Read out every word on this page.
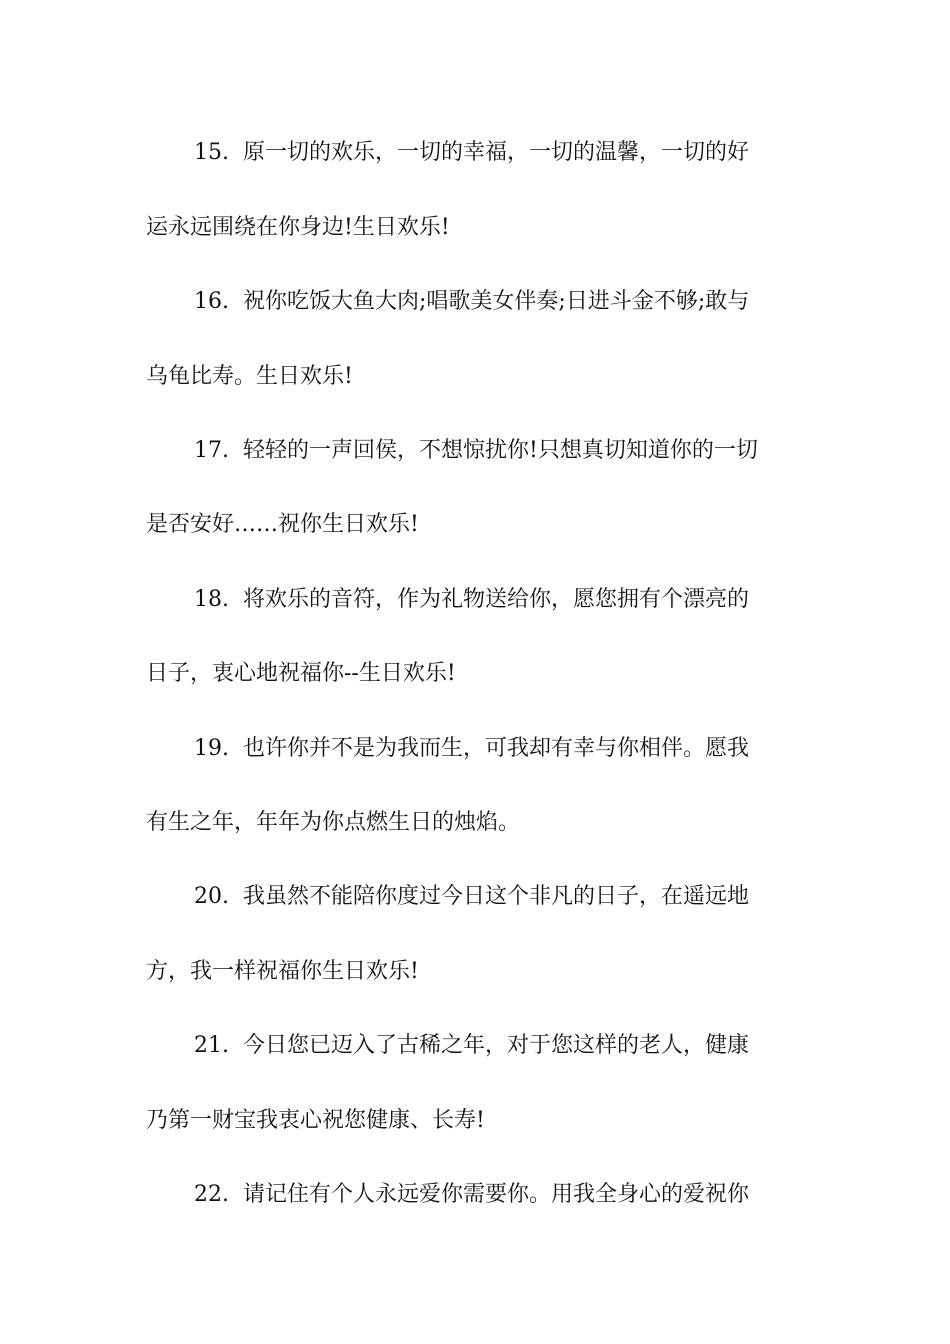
15. 原一切的欢乐，一切的幸福，一切的温馨，一切的好
运永远围绕在你身边!生日欢乐!
16. 祝你吃饭大鱼大肉;唱歌美女伴奏;日进斗金不够;敢与
乌龟比寿。生日欢乐!
17. 轻轻的一声回侯，不想惊扰你!只想真切知道你的一切
是否安好……祝你生日欢乐!
18. 将欢乐的音符，作为礼物送给你，愿您拥有个漂亮的
日子，衷心地祝福你--生日欢乐!
19. 也许你并不是为我而生，可我却有幸与你相伴。愿我
有生之年，年年为你点燃生日的烛焰。
20. 我虽然不能陪你度过今日这个非凡的日子，在遥远地
方，我一样祝福你生日欢乐!
21. 今日您已迈入了古稀之年，对于您这样的老人，健康
乃第一财宝我衷心祝您健康、长寿!
22. 请记住有个人永远爱你需要你。用我全身心的爱祝你
